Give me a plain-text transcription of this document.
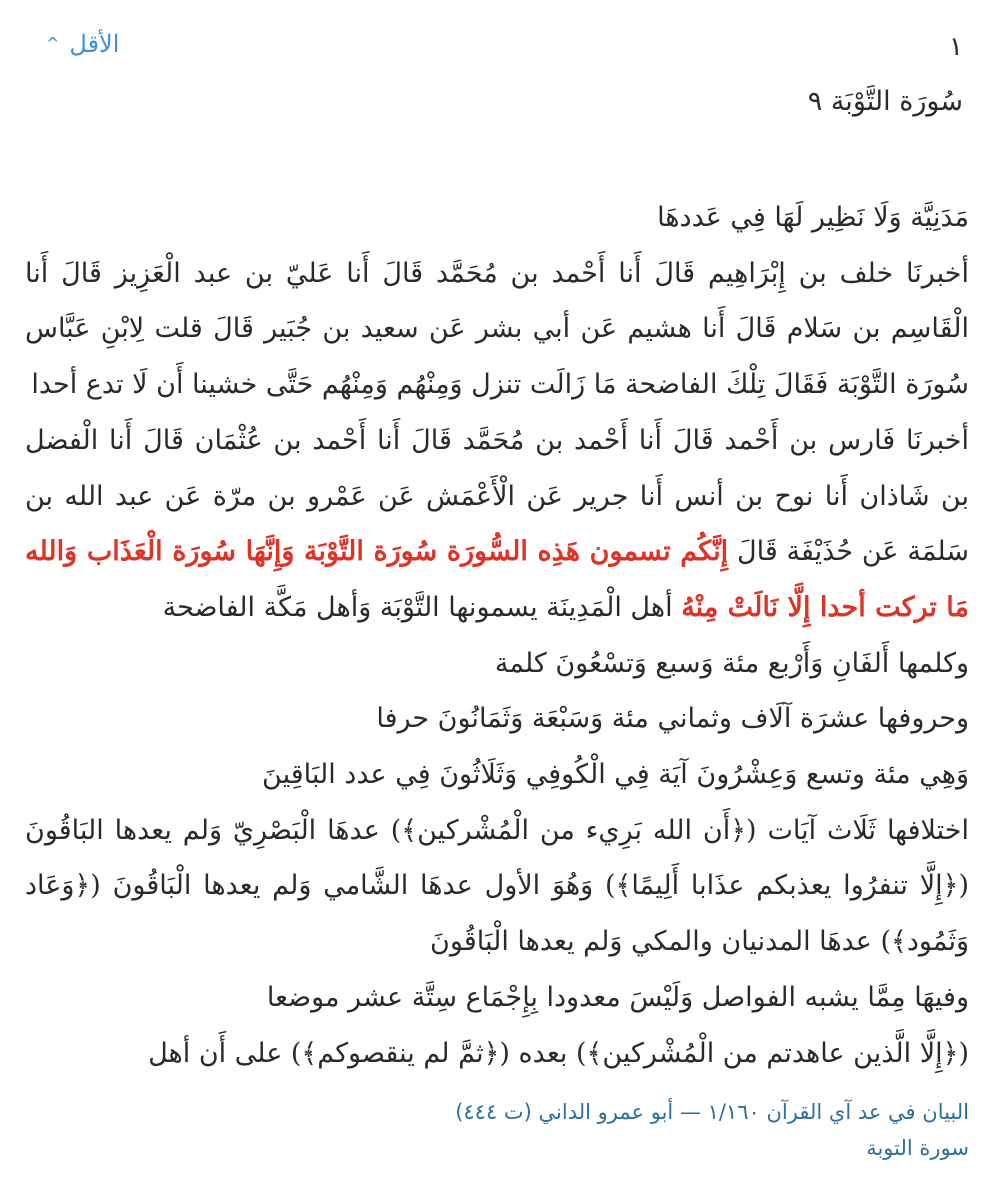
١
الأقل^
سُورَة التَّوْبَة ٩

مَدَنِيَّة وَلَا نَظِير لَهَا فِي عَددهَا

أخبرنَا خلف بن إِبْرَاهِيم قَالَ أَنا أَحْمد بن مُحَمَّد قَالَ أَنا عَليّ بن عبد الْعَزِيز قَالَ أَنا الْقَاسِم بن سَلام قَالَ أَنا هشيم عَن أبي بشر عَن سعيد بن جُبَير قَالَ قلت لِابْنِ عَبَّاس سُورَة التَّوْبَة فَقَالَ تِلْكَ الفاضحة مَا زَالَت تنزل وَمِنْهُم وَمِنْهُم حَتَّى خشينا أَن لَا تدع أحدا

أخبرنَا فَارس بن أَحْمد قَالَ أَنا أَحْمد بن مُحَمَّد قَالَ أَنا أَحْمد بن عُثْمَان قَالَ أَنا الْفضل بن شَاذان أَنا نوح بن أنس أَنا جرير عَن الْأَعْمَش عَن عَمْرو بن مرّة عَن عبد الله بن سَلمَة عَن حُذَيْفَة قَالَ إِنَّكُم تسمون هَذِه السُّورَة سُورَة التَّوْبَة وَإِنَّهَا سُورَة الْعَذَاب وَالله مَا تركت أحدا إِلَّا نَالَتْ مِنْهُ أهل الْمَدِينَة يسمونها التَّوْبَة وَأهل مَكَّة الفاضحة

وكلمها أَلفَانِ وَأَرْبع مئة وَسبع وَتسْعُونَ كلمة

وحروفها عشرَة آلَاف وثماني مئة وَسَبْعَة وَثَمَانُونَ حرفا

وَهِي مئة وتسع وَعِشْرُونَ آيَة فِي الْكُوفِي وَثَلَاثُونَ فِي عدد البَاقِينَ

اختلافها ثَلَاث آيَات (﴿أَن الله بَرِيء من الْمُشْركين﴾) عدهَا الْبَصْرِيّ وَلم يعدها البَاقُونَ (﴿إِلَّا تنفرُوا يعذبكم عذَابا أَلِيمًا﴾) وَهُوَ الأول عدهَا الشَّامي وَلم يعدها الْبَاقُونَ (﴿وَعَاد وَثَمُود﴾) عدهَا المدنيان والمكي وَلم يعدها الْبَاقُونَ

وفيهَا مِمَّا يشبه الفواصل وَلَيْسَ معدودا بِإِجْمَاع سِتَّة عشر موضعا

(﴿إِلَّا الَّذين عاهدتم من الْمُشْركين﴾) بعده (﴿ثمَّ لم ينقصوكم﴾) على أَن أهل

البيان في عد آي القرآن ١/١٦٠ — أبو عمرو الداني (ت ٤٤٤)
سورة التوبة
